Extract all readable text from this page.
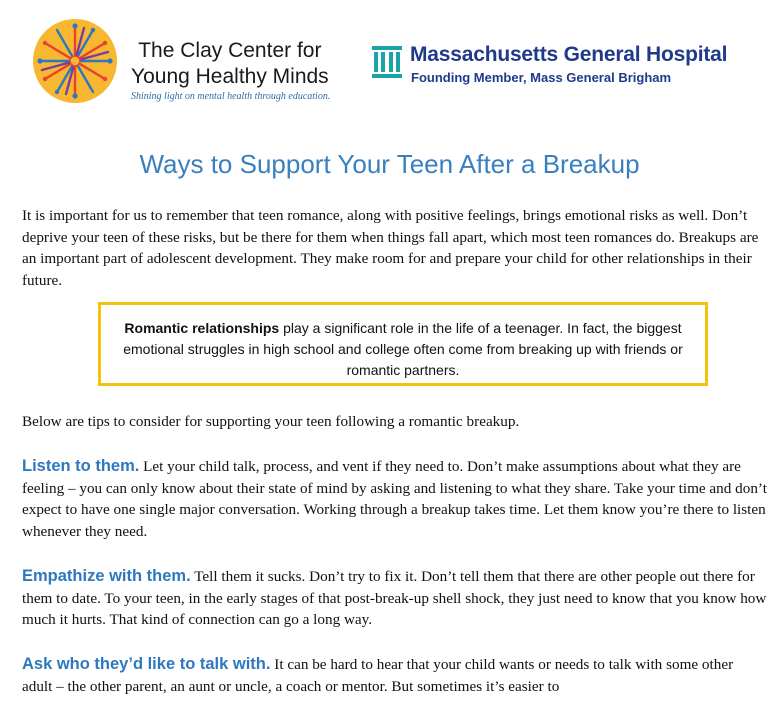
The Clay Center for
Young Healthy Minds
Shining light on mental health through education.
Massachusetts General Hospital
Founding Member, Mass General Brigham
Ways to Support Your Teen After a Breakup
It is important for us to remember that teen romance, along with positive feelings, brings emotional risks as well. Don’t deprive your teen of these risks, but be there for them when things fall apart, which most teen romances do. Breakups are an important part of adolescent development. They make room for and prepare your child for other relationships in their future.
Romantic relationships play a significant role in the life of a teenager. In fact, the biggest emotional struggles in high school and college often come from breaking up with friends or romantic partners.
Below are tips to consider for supporting your teen following a romantic breakup.
Listen to them. Let your child talk, process, and vent if they need to. Don’t make assumptions about what they are feeling – you can only know about their state of mind by asking and listening to what they share. Take your time and don’t expect to have one single major conversation. Working through a breakup takes time. Let them know you’re there to listen whenever they need.
Empathize with them. Tell them it sucks. Don’t try to fix it. Don’t tell them that there are other people out there for them to date. To your teen, in the early stages of that post-break-up shell shock, they just need to know that you know how much it hurts. That kind of connection can go a long way.
Ask who they’d like to talk with. It can be hard to hear that your child wants or needs to talk with some other adult – the other parent, an aunt or uncle, a coach or mentor. But sometimes it’s easier to
